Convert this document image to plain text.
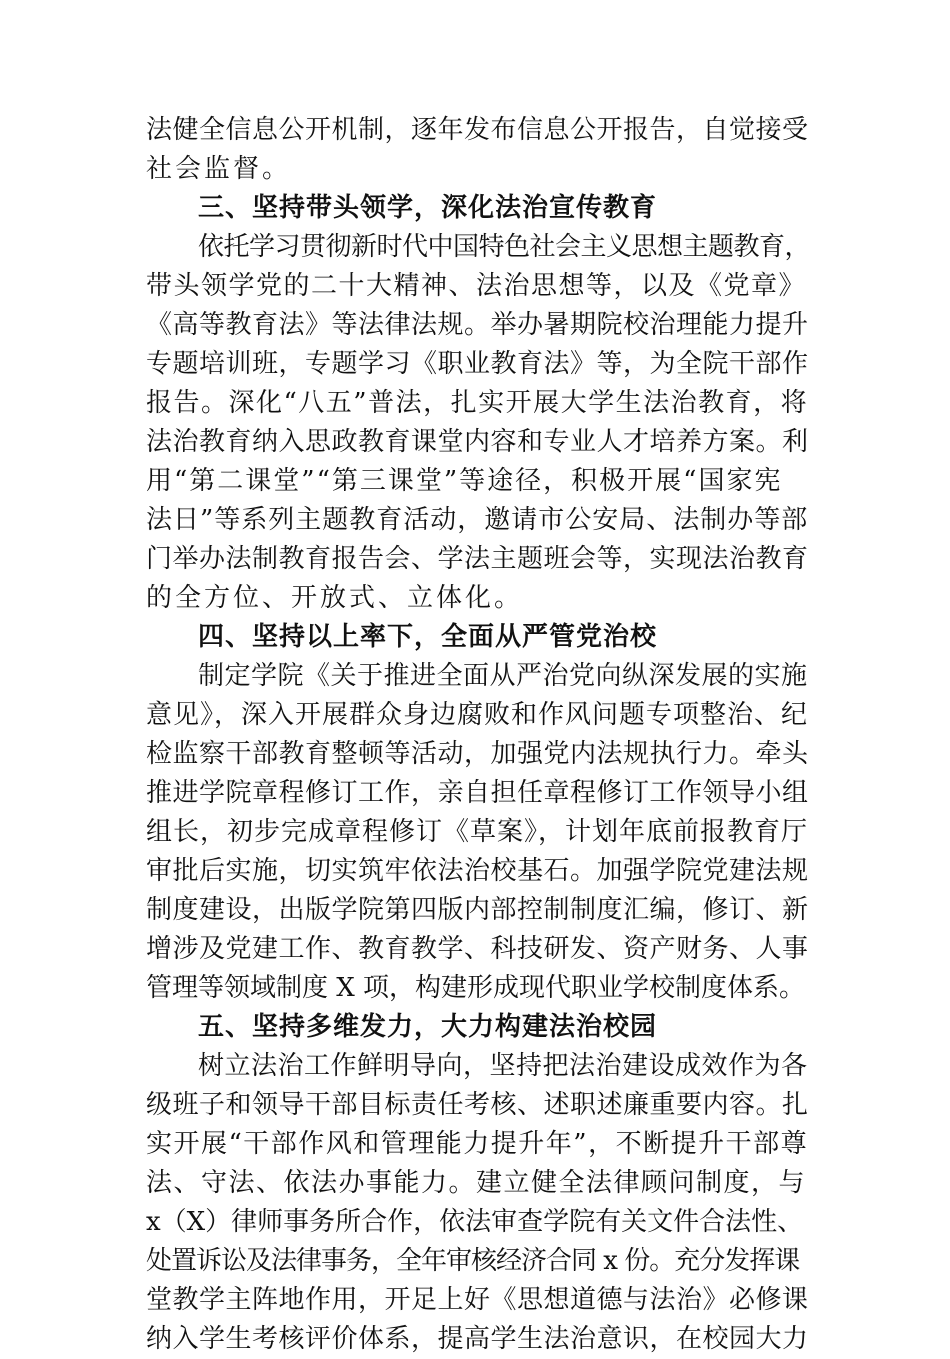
法健全信息公开机制，逐年发布信息公开报告，自觉接受
社会监督。
三、坚持带头领学，深化法治宣传教育
依托学习贯彻新时代中国特色社会主义思想主题教育，
带头领学党的二十大精神、法治思想等，以及《党章》
《高等教育法》等法律法规。举办暑期院校治理能力提升
专题培训班，专题学习《职业教育法》等，为全院干部作
报告。深化“八五”普法，扎实开展大学生法治教育，将
法治教育纳入思政教育课堂内容和专业人才培养方案。利
用“第二课堂”“第三课堂”等途径，积极开展“国家宪
法日”等系列主题教育活动，邀请市公安局、法制办等部
门举办法制教育报告会、学法主题班会等，实现法治教育
的全方位、开放式、立体化。
四、坚持以上率下，全面从严管党治校
制定学院《关于推进全面从严治党向纵深发展的实施
意见》，深入开展群众身边腐败和作风问题专项整治、纪
检监察干部教育整顿等活动，加强党内法规执行力。牵头
推进学院章程修订工作，亲自担任章程修订工作领导小组
组长，初步完成章程修订《草案》，计划年底前报教育厅
审批后实施，切实筑牢依法治校基石。加强学院党建法规
制度建设，出版学院第四版内部控制制度汇编，修订、新
增涉及党建工作、教育教学、科技研发、资产财务、人事
管理等领域制度 X 项，构建形成现代职业学校制度体系。
五、坚持多维发力，大力构建法治校园
树立法治工作鲜明导向，坚持把法治建设成效作为各
级班子和领导干部目标责任考核、述职述廉重要内容。扎
实开展“干部作风和管理能力提升年”，不断提升干部尊
法、守法、依法办事能力。建立健全法律顾问制度，与
x（X）律师事务所合作，依法审查学院有关文件合法性、
处置诉讼及法律事务，全年审核经济合同 x 份。充分发挥课
堂教学主阵地作用，开足上好《思想道德与法治》必修课
纳入学生考核评价体系，提高学生法治意识，在校园大力
